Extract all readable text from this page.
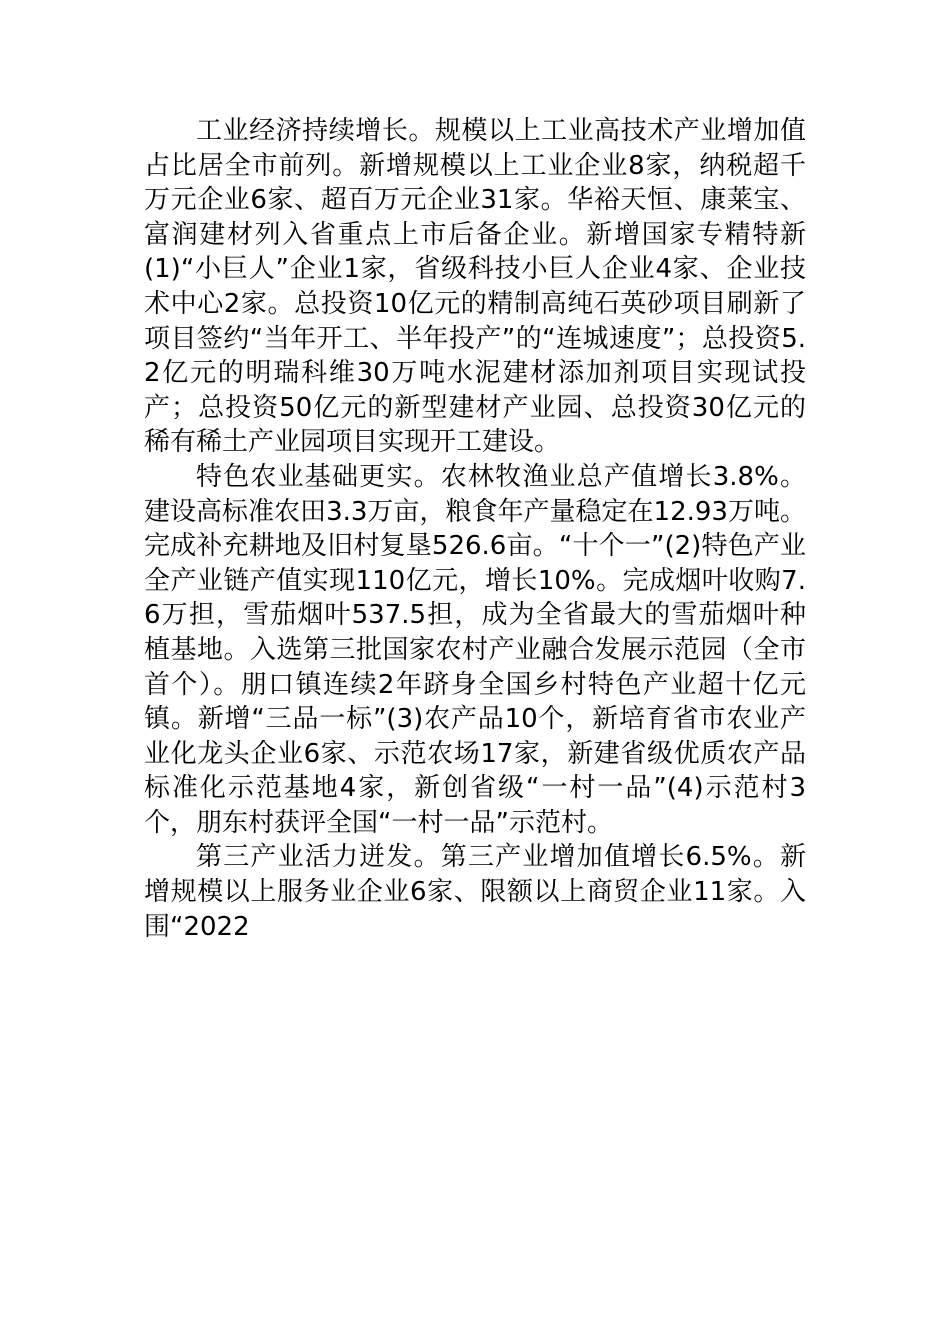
工业经济持续增长。规模以上工业高技术产业增加值占比居全市前列。新增规模以上工业企业8家，纳税超千万元企业6家、超百万元企业31家。华裕天恒、康莱宝、富润建材列入省重点上市后备企业。新增国家专精特新(1)“小巨人”企业1家，省级科技小巨人企业4家、企业技术中心2家。总投资10亿元的精制高纯石英砂项目刷新了项目签约“当年开工、半年投产”的“连城速度”；总投资5.2亿元的明瑞科维30万吨水泥建材添加剂项目实现试投产；总投资50亿元的新型建材产业园、总投资30亿元的稀有稀土产业园项目实现开工建设。

特色农业基础更实。农林牧渔业总产值增长3.8%。建设高标准农田3.3万亩，粮食年产量稳定在12.93万吨。完成补充耕地及旧村复垦526.6亩。“十个一”(2)特色产业全产业链产值实现110亿元，增长10%。完成烟叶收购7.6万担，雪茄烟叶537.5担，成为全省最大的雪茄烟叶种植基地。入选第三批国家农村产业融合发展示范园（全市首个）。朋口镇连续2年跻身全国乡村特色产业超十亿元镇。新增“三品一标”(3)农产品10个，新培育省市农业产业化龙头企业6家、示范农场17家，新建省级优质农产品标准化示范基地4家，新创省级“一村一品”(4)示范村3个，朋东村获评全国“一村一品”示范村。

第三产业活力迸发。第三产业增加值增长6.5%。新增规模以上服务业企业6家、限额以上商贸企业11家。入围“2022
